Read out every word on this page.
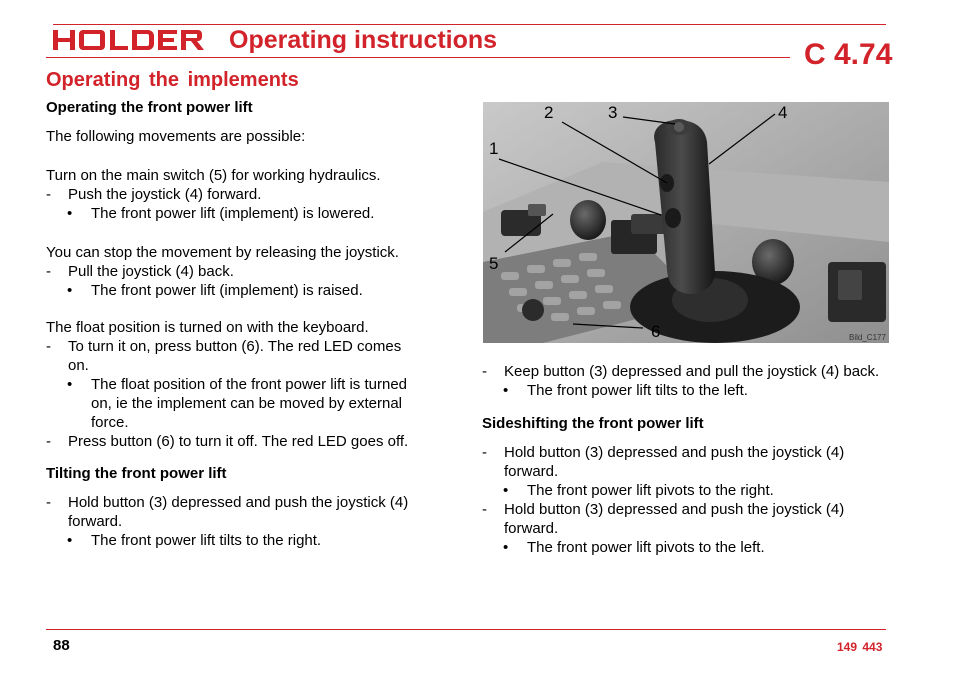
Operating instructions	C 4.74
Operating the implements

Operating the front power lift

The following movements are possible:

Turn on the main switch (5) for working hydraulics.

- Push the joystick (4) forward.

• The front power lift (implement) is lowered.

You can stop the movement by releasing the joystick.

- Pull the joystick (4) back.

• The front power lift (implement) is raised.

The float position is turned on with the keyboard.

- To turn it on, press button (6). The red LED comes on.

• The float position of the front power lift is turned on, ie the implement can be moved by external force.

- Press button (6) to turn it off. The red LED goes off.

Tilting the front power lift

- Hold button (3) depressed and push the joystick (4) forward.

• The front power lift tilts to the right.

1
2	3	4
5
6	Bild_C177

- Keep button (3) depressed and pull the joystick (4) back.

• The front power lift tilts to the left.

Sideshifting the front power lift

- Hold button (3) depressed and push the joystick (4) forward.

• The front power lift pivots to the right.

- Hold button (3) depressed and push the joystick (4) forward.

• The front power lift pivots to the left.

88	149 443
